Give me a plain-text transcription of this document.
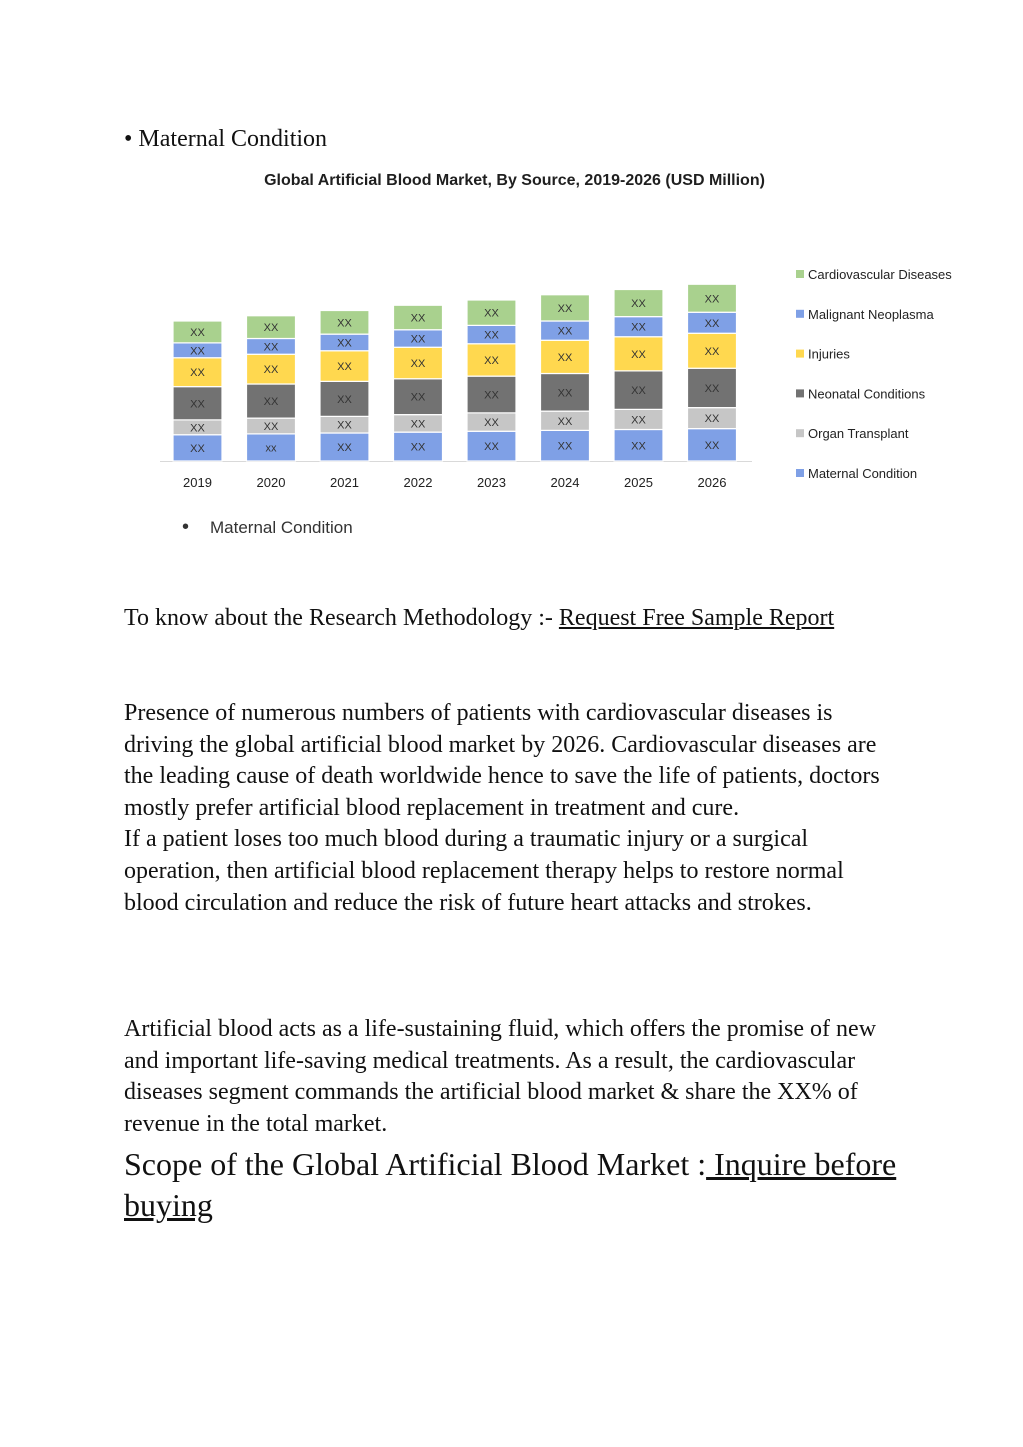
• Maternal Condition
Global Artificial Blood Market, By Source, 2019-2026 (USD Million)
XX
XX
XX
XX
XX
XX
2019
xx
XX
XX
XX
XX
XX
2020
XX
XX
XX
XX
XX
XX
2021
XX
XX
XX
XX
XX
XX
2022
XX
XX
XX
XX
XX
XX
2023
XX
XX
XX
XX
XX
XX
2024
XX
XX
XX
XX
XX
XX
2025
XX
XX
XX
XX
XX
XX
2026
Cardiovascular Diseases
Malignant Neoplasma
Injuries
Neonatal Conditions
Organ Transplant
Maternal Condition
• Maternal Condition
To know about the Research Methodology :- Request Free Sample Report

Presence of numerous numbers of patients with cardiovascular diseases is driving the global artificial blood market by 2026. Cardiovascular diseases are the leading cause of death worldwide hence to save the life of patients, doctors mostly prefer artificial blood replacement in treatment and cure.

If a patient loses too much blood during a traumatic injury or a surgical operation, then artificial blood replacement therapy helps to restore normal blood circulation and reduce the risk of future heart attacks and strokes.

Artificial blood acts as a life-sustaining fluid, which offers the promise of new and important life-saving medical treatments. As a result, the cardiovascular diseases segment commands the artificial blood market & share the XX% of revenue in the total market.

Scope of the Global Artificial Blood Market : Inquire before buying
